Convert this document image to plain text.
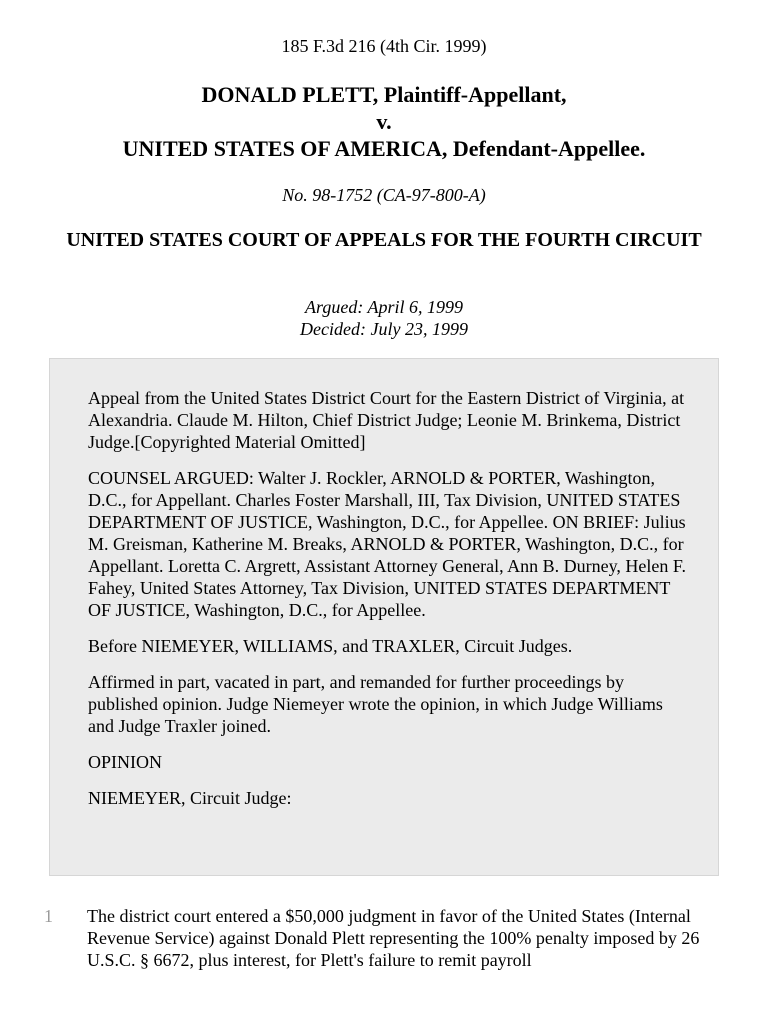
185 F.3d 216 (4th Cir. 1999)
DONALD PLETT, Plaintiff-Appellant,
v.
UNITED STATES OF AMERICA, Defendant-Appellee.
No. 98-1752 (CA-97-800-A)
UNITED STATES COURT OF APPEALS FOR THE FOURTH CIRCUIT
Argued: April 6, 1999
Decided: July 23, 1999

Appeal from the United States District Court for the Eastern District of Virginia, at Alexandria. Claude M. Hilton, Chief District Judge; Leonie M. Brinkema, District Judge.[Copyrighted Material Omitted]

COUNSEL ARGUED: Walter J. Rockler, ARNOLD & PORTER, Washington, D.C., for Appellant. Charles Foster Marshall, III, Tax Division, UNITED STATES DEPARTMENT OF JUSTICE, Washington, D.C., for Appellee. ON BRIEF: Julius M. Greisman, Katherine M. Breaks, ARNOLD & PORTER, Washington, D.C., for Appellant. Loretta C. Argrett, Assistant Attorney General, Ann B. Durney, Helen F. Fahey, United States Attorney, Tax Division, UNITED STATES DEPARTMENT OF JUSTICE, Washington, D.C., for Appellee.

Before NIEMEYER, WILLIAMS, and TRAXLER, Circuit Judges.

Affirmed in part, vacated in part, and remanded for further proceedings by published opinion. Judge Niemeyer wrote the opinion, in which Judge Williams and Judge Traxler joined.

OPINION

NIEMEYER, Circuit Judge:

1 The district court entered a $50,000 judgment in favor of the United States (Internal Revenue Service) against Donald Plett representing the 100% penalty imposed by 26 U.S.C. § 6672, plus interest, for Plett's failure to remit payroll
